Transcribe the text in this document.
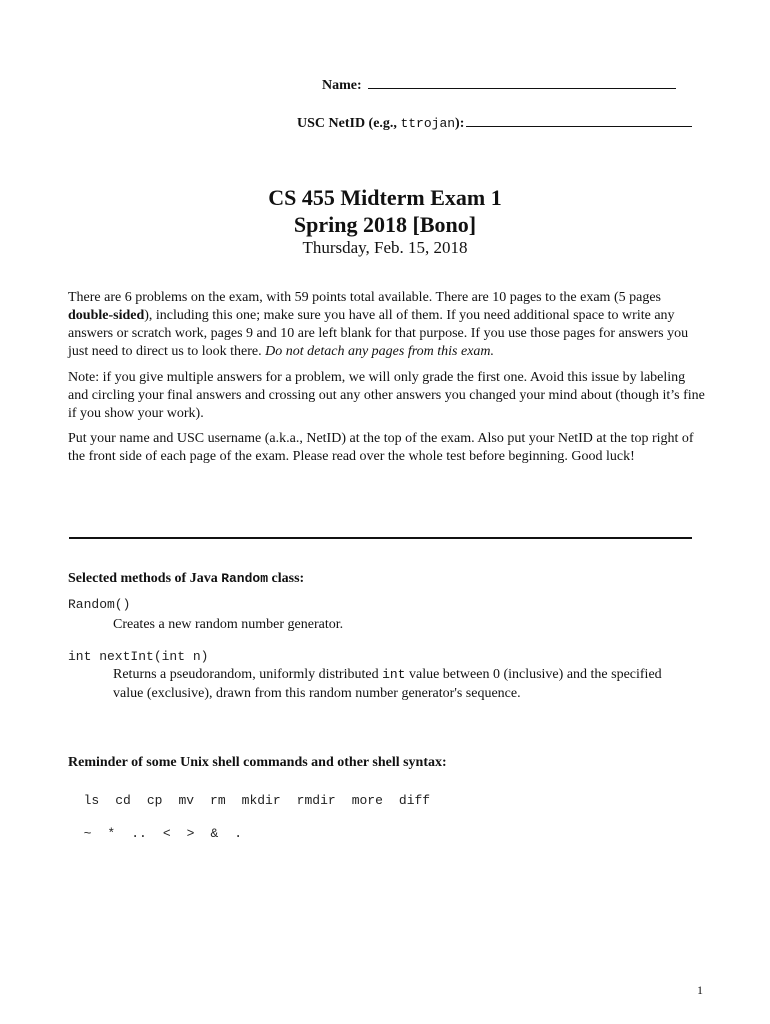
Name:
USC NetID (e.g., ttrojan):
CS 455 Midterm Exam 1
Spring 2018 [Bono]
Thursday, Feb. 15, 2018

There are 6 problems on the exam, with 59 points total available. There are 10 pages to the exam (5 pages double-sided), including this one; make sure you have all of them. If you need additional space to write any answers or scratch work, pages 9 and 10 are left blank for that purpose. If you use those pages for answers you just need to direct us to look there. Do not detach any pages from this exam.

Note: if you give multiple answers for a problem, we will only grade the first one. Avoid this issue by labeling and circling your final answers and crossing out any other answers you changed your mind about (though it’s fine if you show your work).

Put your name and USC username (a.k.a., NetID) at the top of the exam. Also put your NetID at the top right of the front side of each page of the exam. Please read over the whole test before beginning. Good luck!

Selected methods of Java Random class:
Random()
Creates a new random number generator.
int nextInt(int n)
Returns a pseudorandom, uniformly distributed int value between 0 (inclusive) and the specified value (exclusive), drawn from this random number generator's sequence.
Reminder of some Unix shell commands and other shell syntax:

ls cd cp mv rm mkdir rmdir more diff

~ * .. < > & .

1
